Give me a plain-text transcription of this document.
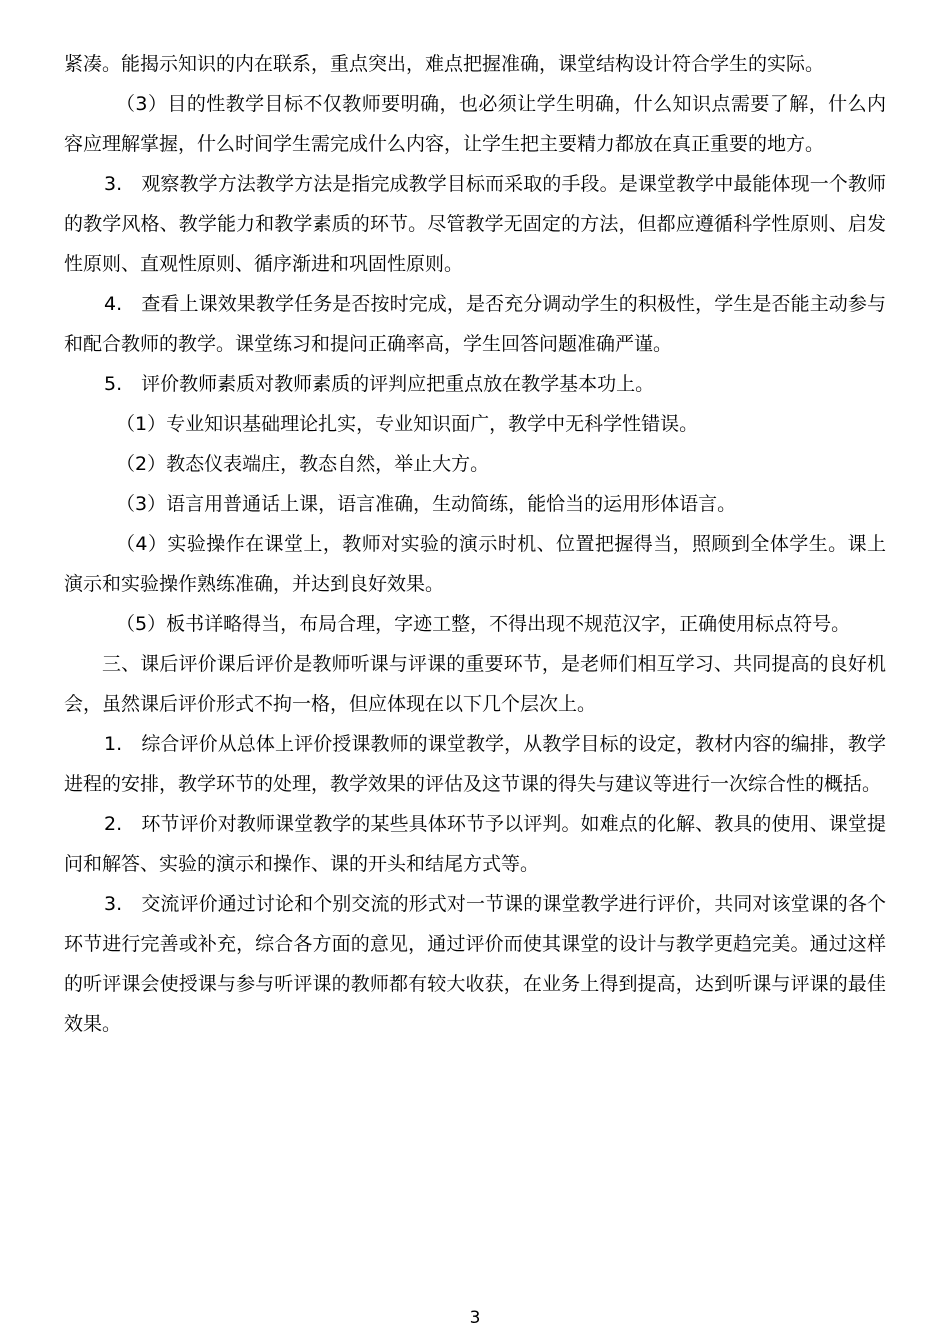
紧凑。能揭示知识的内在联系，重点突出，难点把握准确，课堂结构设计符合学生的实际。

（3）目的性教学目标不仅教师要明确，也必须让学生明确，什么知识点需要了解，什么内容应理解掌握，什么时间学生需完成什么内容，让学生把主要精力都放在真正重要的地方。

3.　观察教学方法教学方法是指完成教学目标而采取的手段。是课堂教学中最能体现一个教师的教学风格、教学能力和教学素质的环节。尽管教学无固定的方法，但都应遵循科学性原则、启发性原则、直观性原则、循序渐进和巩固性原则。

4.　查看上课效果教学任务是否按时完成，是否充分调动学生的积极性，学生是否能主动参与和配合教师的教学。课堂练习和提问正确率高，学生回答问题准确严谨。

5.　评价教师素质对教师素质的评判应把重点放在教学基本功上。

（1）专业知识基础理论扎实，专业知识面广，教学中无科学性错误。

（2）教态仪表端庄，教态自然，举止大方。

（3）语言用普通话上课，语言准确，生动简练，能恰当的运用形体语言。

（4）实验操作在课堂上，教师对实验的演示时机、位置把握得当，照顾到全体学生。课上演示和实验操作熟练准确，并达到良好效果。

（5）板书详略得当，布局合理，字迹工整，不得出现不规范汉字，正确使用标点符号。

三、课后评价课后评价是教师听课与评课的重要环节，是老师们相互学习、共同提高的良好机会，虽然课后评价形式不拘一格，但应体现在以下几个层次上。

1.　综合评价从总体上评价授课教师的课堂教学，从教学目标的设定，教材内容的编排，教学进程的安排，教学环节的处理，教学效果的评估及这节课的得失与建议等进行一次综合性的概括。

2.　环节评价对教师课堂教学的某些具体环节予以评判。如难点的化解、教具的使用、课堂提问和解答、实验的演示和操作、课的开头和结尾方式等。

3.　交流评价通过讨论和个别交流的形式对一节课的课堂教学进行评价，共同对该堂课的各个环节进行完善或补充，综合各方面的意见，通过评价而使其课堂的设计与教学更趋完美。通过这样的听评课会使授课与参与听评课的教师都有较大收获，在业务上得到提高，达到听课与评课的最佳效果。

3
